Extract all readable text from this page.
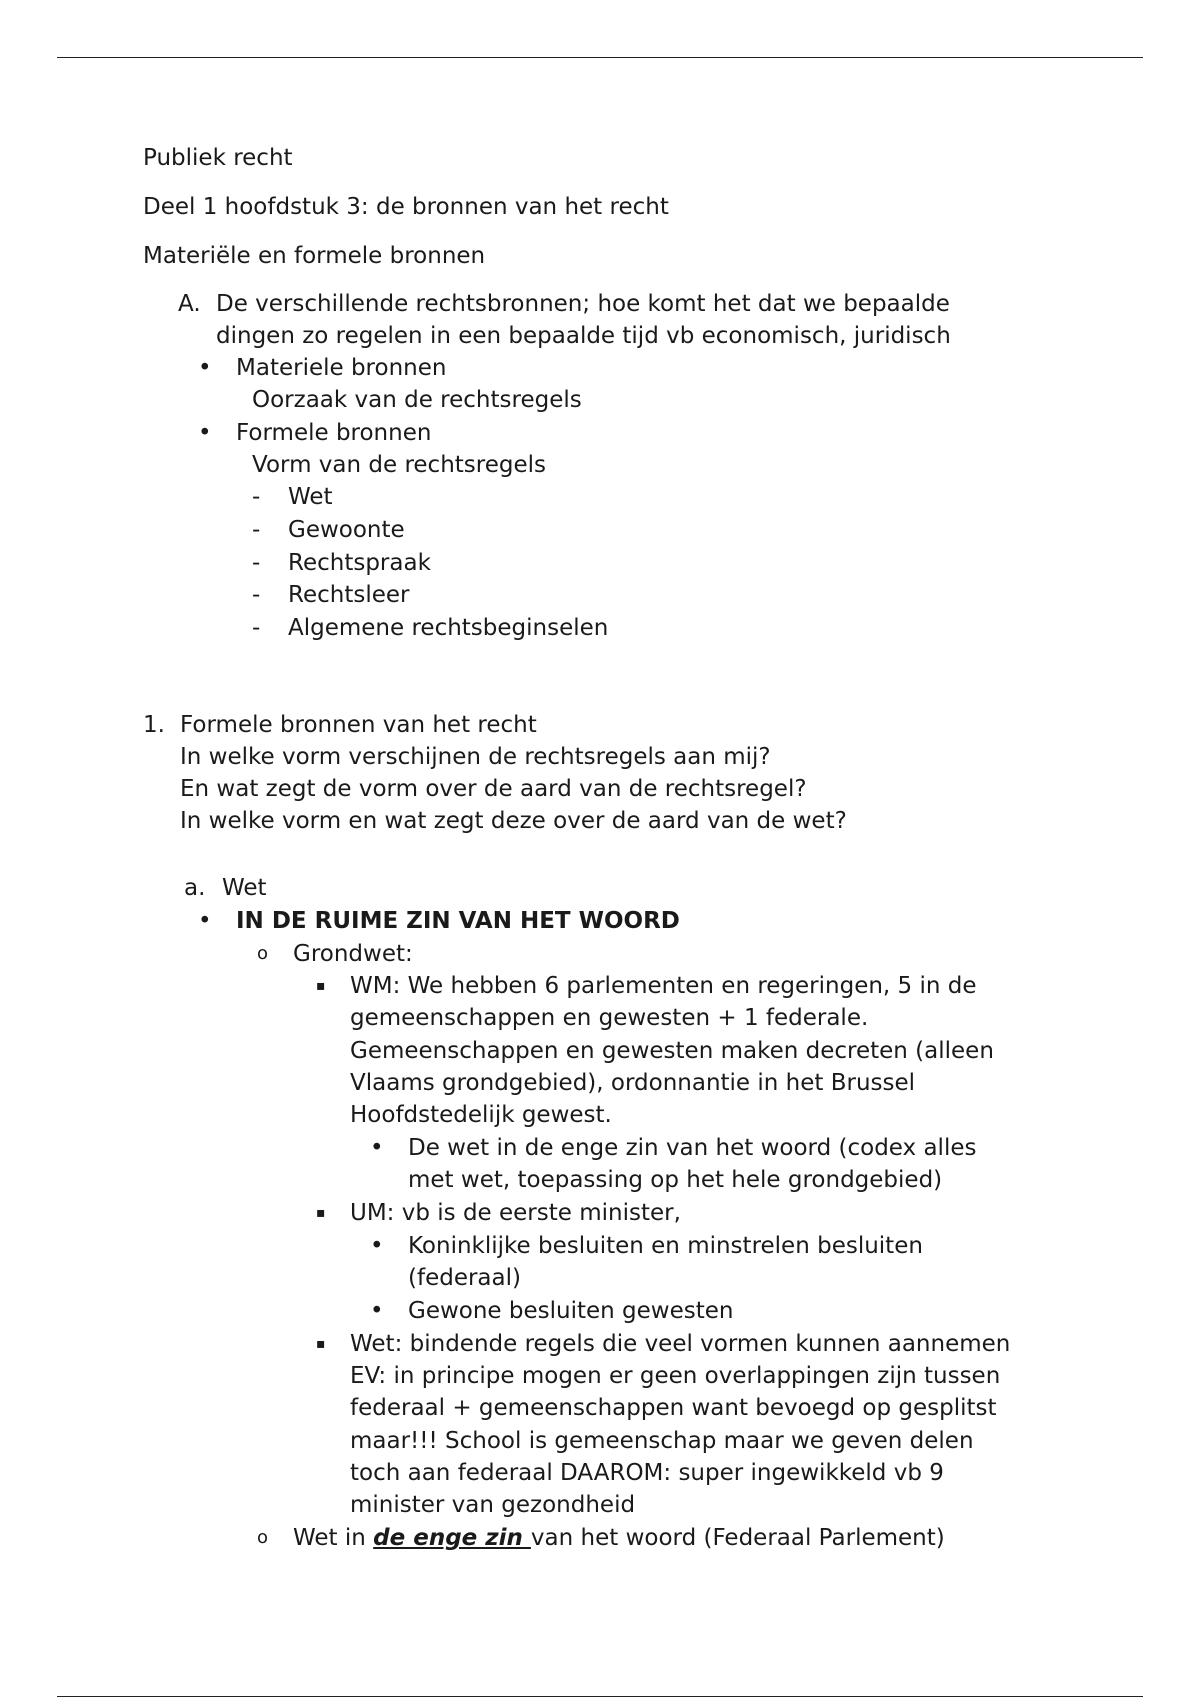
Publiek recht
Deel 1 hoofdstuk 3: de bronnen van het recht
Materiële en formele bronnen
A. De verschillende rechtsbronnen; hoe komt het dat we bepaalde
dingen zo regelen in een bepaalde tijd vb economisch, juridisch
• Materiele bronnen
Oorzaak van de rechtsregels
• Formele bronnen
Vorm van de rechtsregels
- Wet
- Gewoonte
- Rechtspraak
- Rechtsleer
- Algemene rechtsbeginselen
1. Formele bronnen van het recht
In welke vorm verschijnen de rechtsregels aan mij?
En wat zegt de vorm over de aard van de rechtsregel?
In welke vorm en wat zegt deze over de aard van de wet?
a. Wet
• IN DE RUIME ZIN VAN HET WOORD
o Grondwet:
▪ WM: We hebben 6 parlementen en regeringen, 5 in de
gemeenschappen en gewesten + 1 federale.
Gemeenschappen en gewesten maken decreten (alleen
Vlaams grondgebied), ordonnantie in het Brussel
Hoofdstedelijk gewest.
• De wet in de enge zin van het woord (codex alles
met wet, toepassing op het hele grondgebied)
▪ UM: vb is de eerste minister,
• Koninklijke besluiten en minstrelen besluiten
(federaal)
• Gewone besluiten gewesten
▪ Wet: bindende regels die veel vormen kunnen aannemen
EV: in principe mogen er geen overlappingen zijn tussen
federaal + gemeenschappen want bevoegd op gesplitst
maar!!! School is gemeenschap maar we geven delen
toch aan federaal DAAROM: super ingewikkeld vb 9
minister van gezondheid
o Wet in de enge zin van het woord (Federaal Parlement)
